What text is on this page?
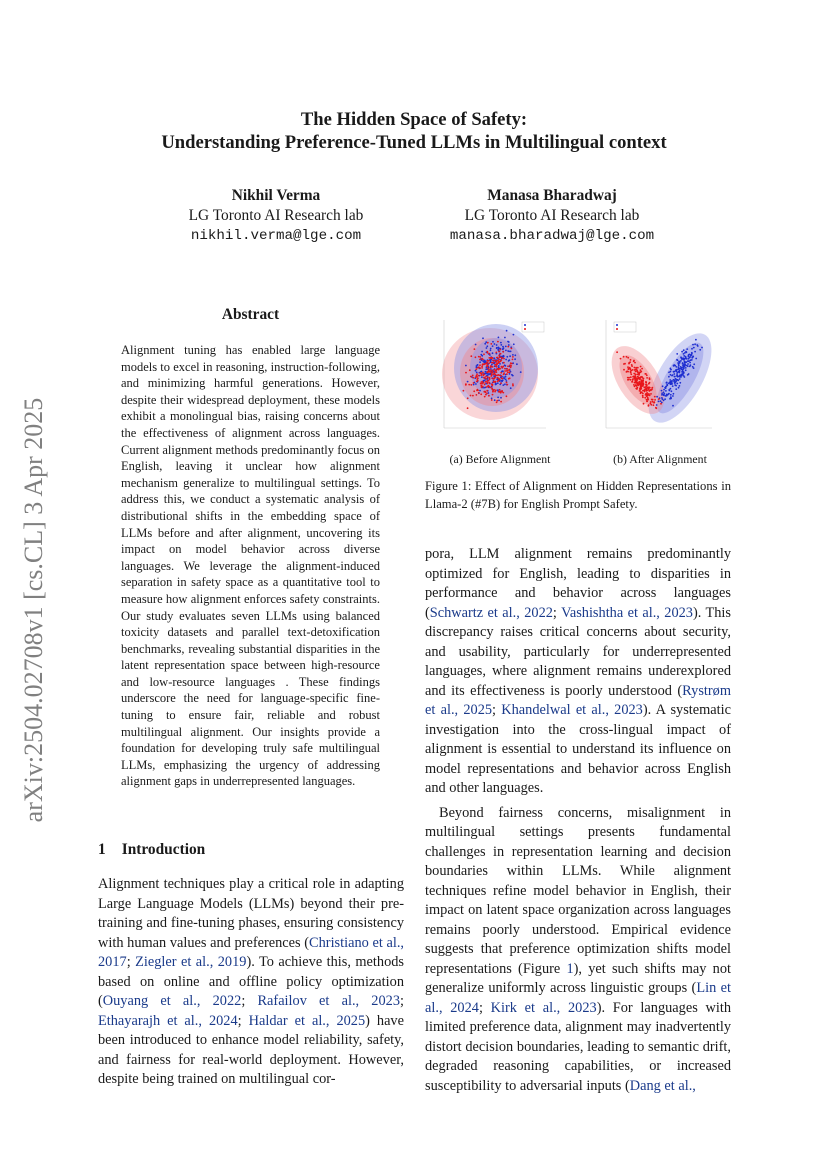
arXiv:2504.02708v1 [cs.CL] 3 Apr 2025
The Hidden Space of Safety:
Understanding Preference-Tuned LLMs in Multilingual context
Nikhil Verma
LG Toronto AI Research lab
nikhil.verma@lge.com
Manasa Bharadwaj
LG Toronto AI Research lab
manasa.bharadwaj@lge.com
Abstract
Alignment tuning has enabled large language models to excel in reasoning, instruction-following, and minimizing harmful generations. However, despite their widespread deployment, these models exhibit a monolingual bias, raising concerns about the effectiveness of alignment across languages. Current alignment methods predominantly focus on English, leaving it unclear how alignment mechanism generalize to multilingual settings. To address this, we conduct a systematic analysis of distributional shifts in the embedding space of LLMs before and after alignment, uncovering its impact on model behavior across diverse languages. We leverage the alignment-induced separation in safety space as a quantitative tool to measure how alignment enforces safety constraints. Our study evaluates seven LLMs using balanced toxicity datasets and parallel text-detoxification benchmarks, revealing substantial disparities in the latent representation space between high-resource and low-resource languages . These findings underscore the need for language-specific fine-tuning to ensure fair, reliable and robust multilingual alignment. Our insights provide a foundation for developing truly safe multilingual LLMs, emphasizing the urgency of addressing alignment gaps in underrepresented languages.
1 Introduction

Alignment techniques play a critical role in adapting Large Language Models (LLMs) beyond their pre-training and fine-tuning phases, ensuring consistency with human values and preferences (Christiano et al., 2017; Ziegler et al., 2019). To achieve this, methods based on online and offline policy optimization (Ouyang et al., 2022; Rafailov et al., 2023; Ethayarajh et al., 2024; Haldar et al., 2025) have been introduced to enhance model reliability, safety, and fairness for real-world deployment. However, despite being trained on multilingual cor-

(a) Before Alignment	(b) After Alignment
Figure 1: Effect of Alignment on Hidden Representations in Llama-2 (#7B) for English Prompt Safety.

pora, LLM alignment remains predominantly optimized for English, leading to disparities in performance and behavior across languages (Schwartz et al., 2022; Vashishtha et al., 2023). This discrepancy raises critical concerns about security, and usability, particularly for underrepresented languages, where alignment remains underexplored and its effectiveness is poorly understood (Rystrøm et al., 2025; Khandelwal et al., 2023). A systematic investigation into the cross-lingual impact of alignment is essential to understand its influence on model representations and behavior across English and other languages.

Beyond fairness concerns, misalignment in multilingual settings presents fundamental challenges in representation learning and decision boundaries within LLMs. While alignment techniques refine model behavior in English, their impact on latent space organization across languages remains poorly understood. Empirical evidence suggests that preference optimization shifts model representations (Figure 1), yet such shifts may not generalize uniformly across linguistic groups (Lin et al., 2024; Kirk et al., 2023). For languages with limited preference data, alignment may inadvertently distort decision boundaries, leading to semantic drift, degraded reasoning capabilities, or increased susceptibility to adversarial inputs (Dang et al.,
